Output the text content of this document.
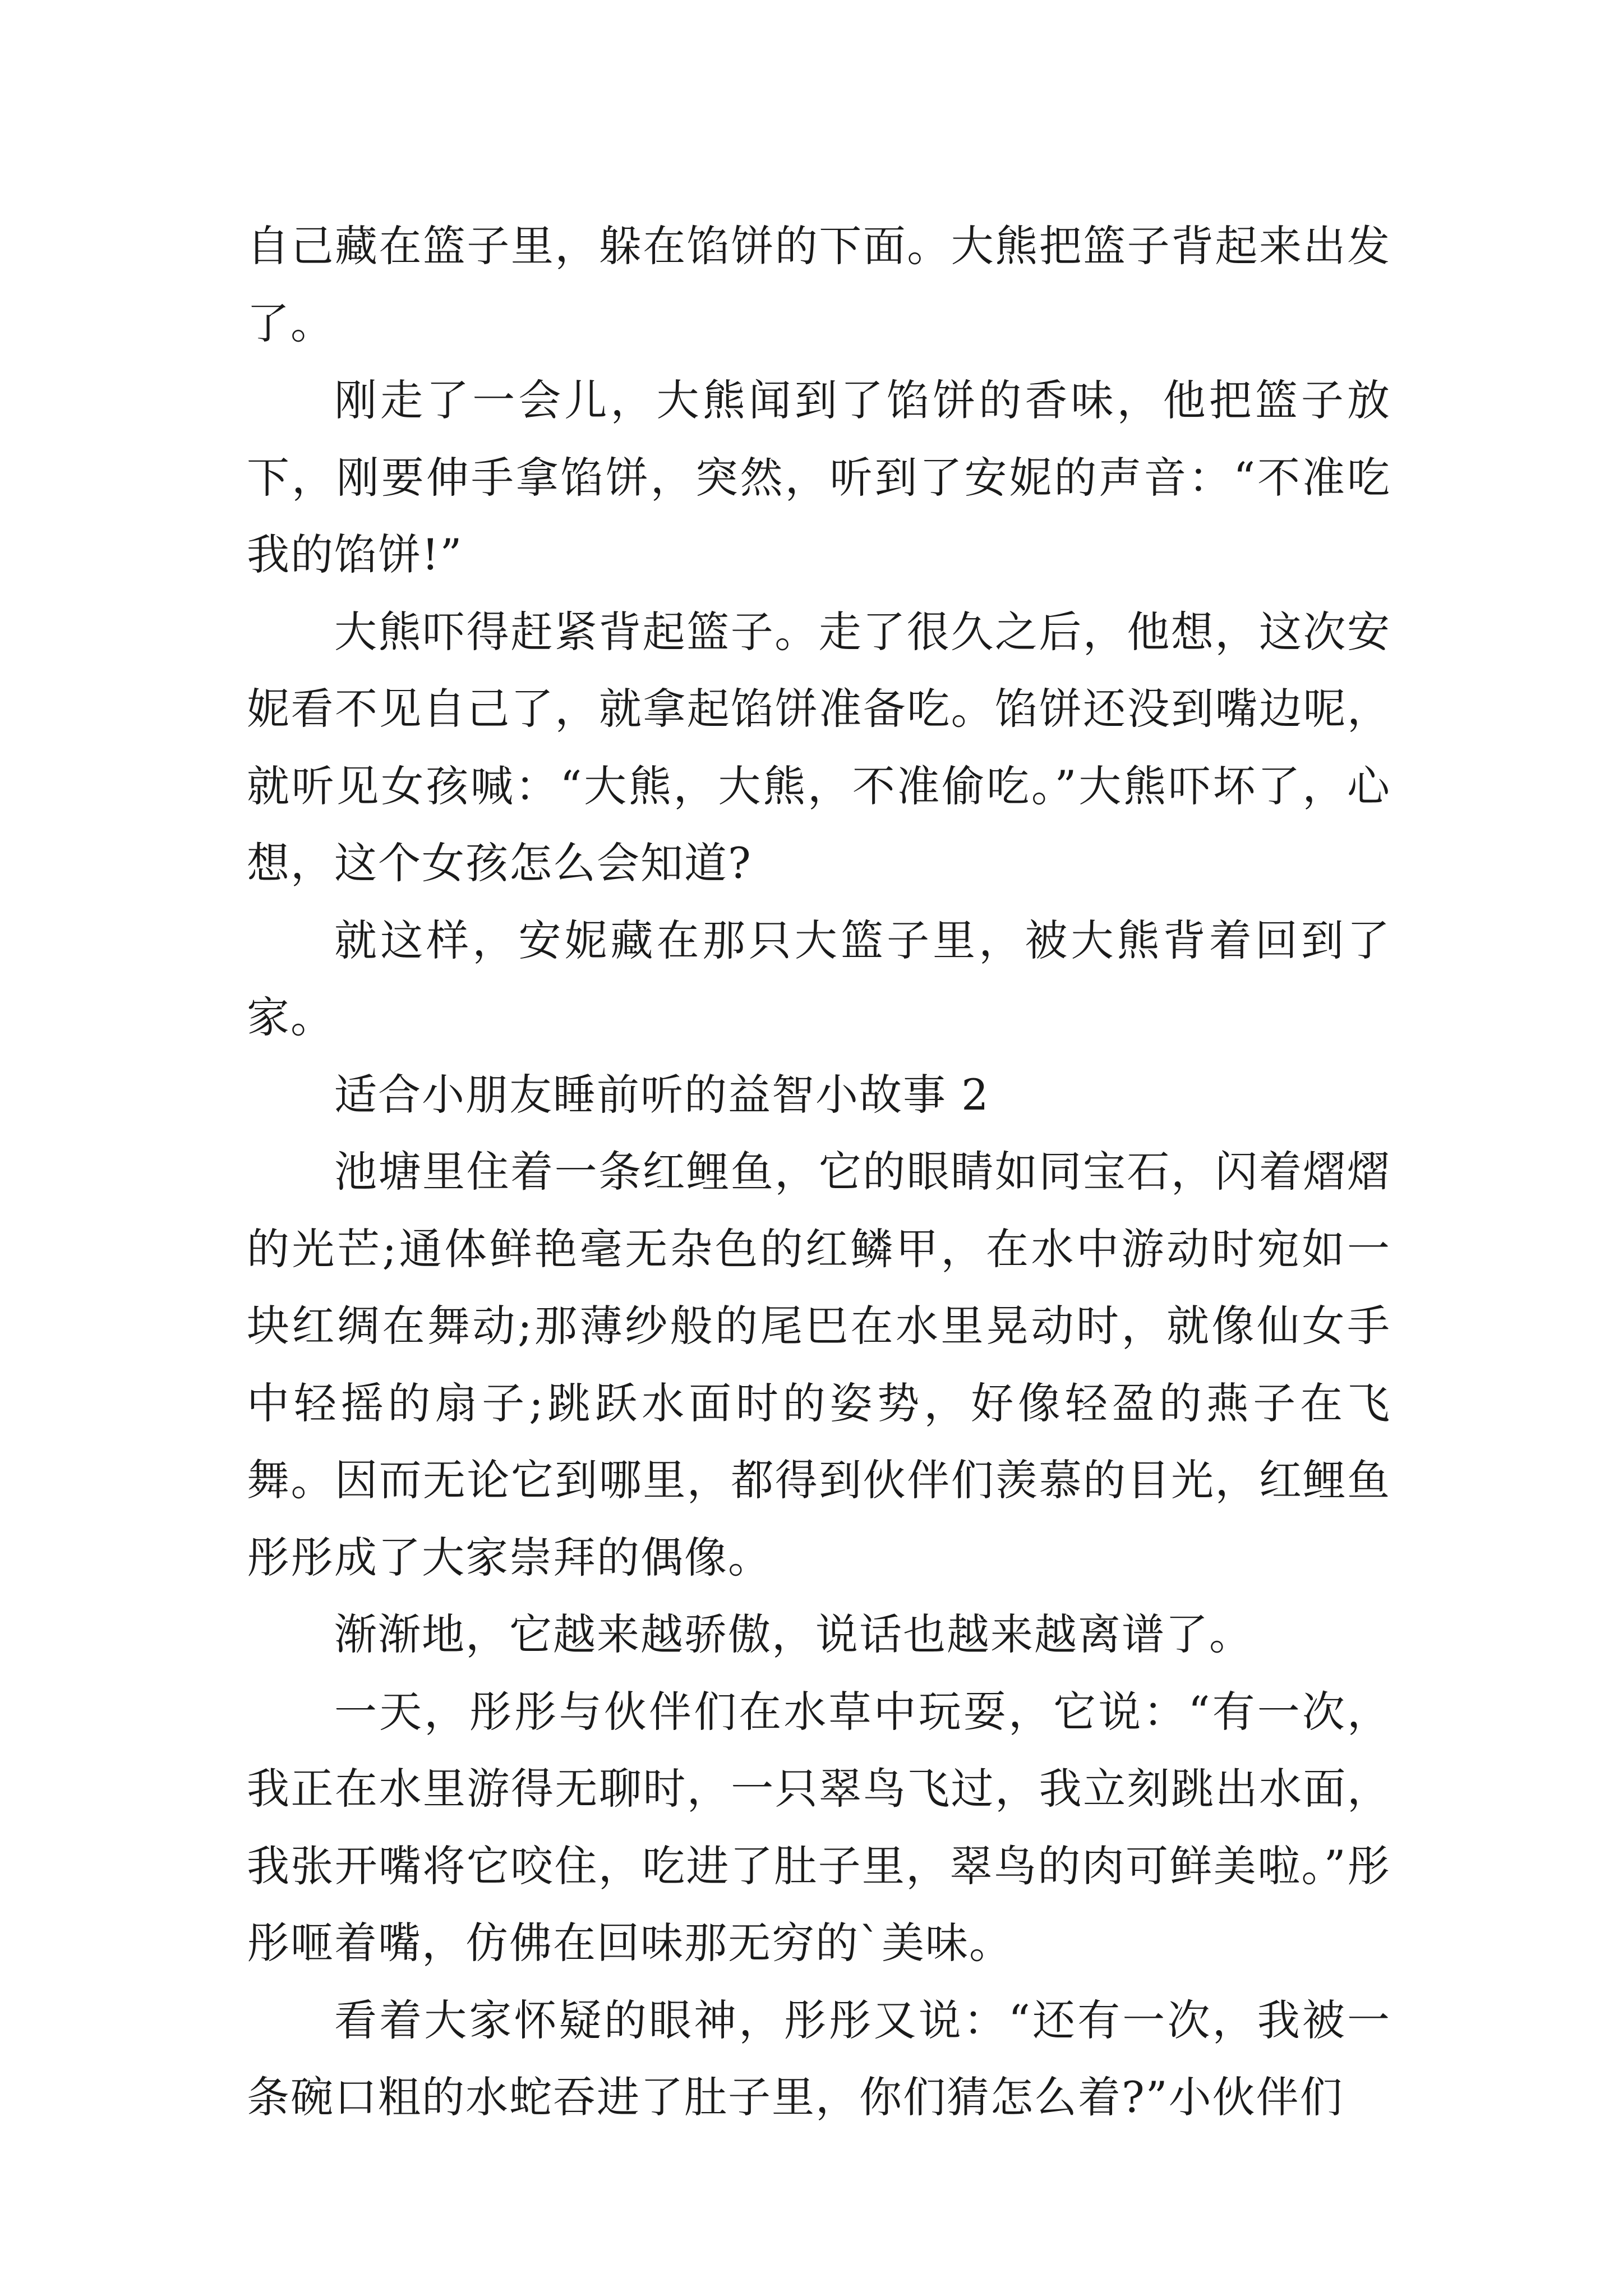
自己藏在篮子里，躲在馅饼的下面。大熊把篮子背起来出发了。

刚走了一会儿，大熊闻到了馅饼的香味，他把篮子放下，刚要伸手拿馅饼，突然，听到了安妮的声音：“不准吃我的馅饼!”

大熊吓得赶紧背起篮子。走了很久之后，他想，这次安妮看不见自己了，就拿起馅饼准备吃。馅饼还没到嘴边呢，就听见女孩喊：“大熊，大熊，不准偷吃。”大熊吓坏了，心想，这个女孩怎么会知道?

就这样，安妮藏在那只大篮子里，被大熊背着回到了家。

适合小朋友睡前听的益智小故事 2

池塘里住着一条红鲤鱼，它的眼睛如同宝石，闪着熠熠的光芒;通体鲜艳毫无杂色的红鳞甲，在水中游动时宛如一块红绸在舞动;那薄纱般的尾巴在水里晃动时，就像仙女手中轻摇的扇子;跳跃水面时的姿势，好像轻盈的燕子在飞舞。因而无论它到哪里，都得到伙伴们羡慕的目光，红鲤鱼彤彤成了大家崇拜的偶像。

渐渐地，它越来越骄傲，说话也越来越离谱了。

一天，彤彤与伙伴们在水草中玩耍，它说：“有一次，我正在水里游得无聊时，一只翠鸟飞过，我立刻跳出水面，我张开嘴将它咬住，吃进了肚子里，翠鸟的肉可鲜美啦。”彤彤咂着嘴，仿佛在回味那无穷的`美味。

看着大家怀疑的眼神，彤彤又说：“还有一次，我被一条碗口粗的水蛇吞进了肚子里，你们猜怎么着?”小伙伴们
